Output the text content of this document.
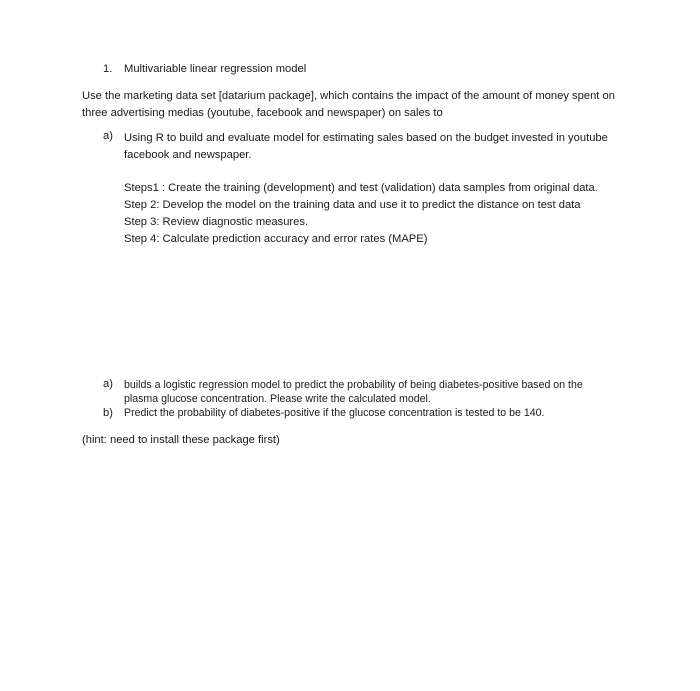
1. Multivariable linear regression model
Use the marketing data set [datarium package], which contains the impact of the amount of money spent on three advertising medias (youtube, facebook and newspaper) on sales to
a) Using R to build and evaluate model for estimating sales based on the budget invested in youtube facebook and newspaper.
Steps1 : Create the training (development) and test (validation) data samples from original data.
Step 2: Develop the model on the training data and use it to predict the distance on test data
Step 3: Review diagnostic measures.
Step 4: Calculate prediction accuracy and error rates (MAPE)
a) builds a logistic regression model to predict the probability of being diabetes-positive based on the plasma glucose concentration. Please write the calculated model.
b) Predict the probability of diabetes-positive if the glucose concentration is tested to be 140.
(hint: need to install these package first)
